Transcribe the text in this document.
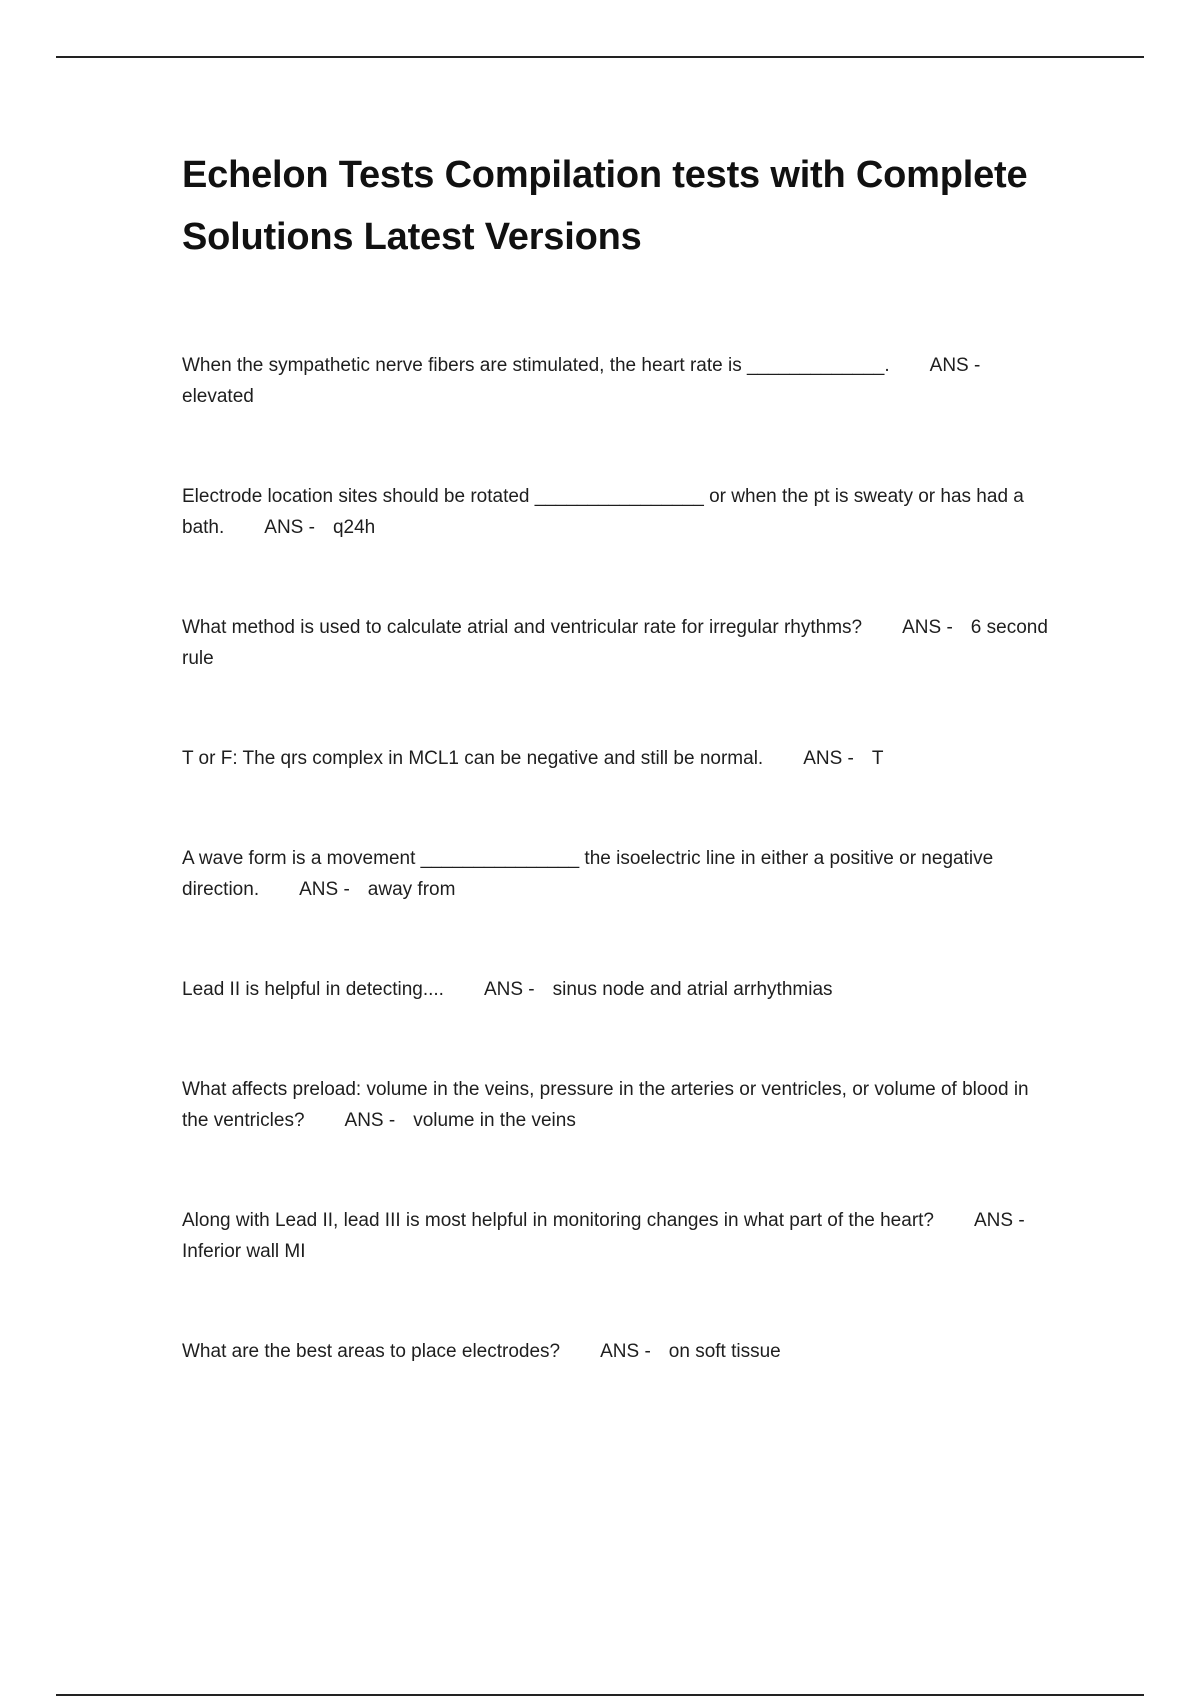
Echelon Tests Compilation tests with Complete Solutions Latest Versions

When the sympathetic nerve fibers are stimulated, the heart rate is _____________. ANS -elevated

Electrode location sites should be rotated ________________ or when the pt is sweaty or has had a bath. ANS - q24h

What method is used to calculate atrial and ventricular rate for irregular rhythms? ANS - 6 second rule

T or F: The qrs complex in MCL1 can be negative and still be normal. ANS - T

A wave form is a movement _______________ the isoelectric line in either a positive or negative direction. ANS - away from

Lead II is helpful in detecting.... ANS - sinus node and atrial arrhythmias

What affects preload: volume in the veins, pressure in the arteries or ventricles, or volume of blood in the ventricles? ANS - volume in the veins

Along with Lead II, lead III is most helpful in monitoring changes in what part of the heart? ANS -Inferior wall MI

What are the best areas to place electrodes? ANS - on soft tissue
